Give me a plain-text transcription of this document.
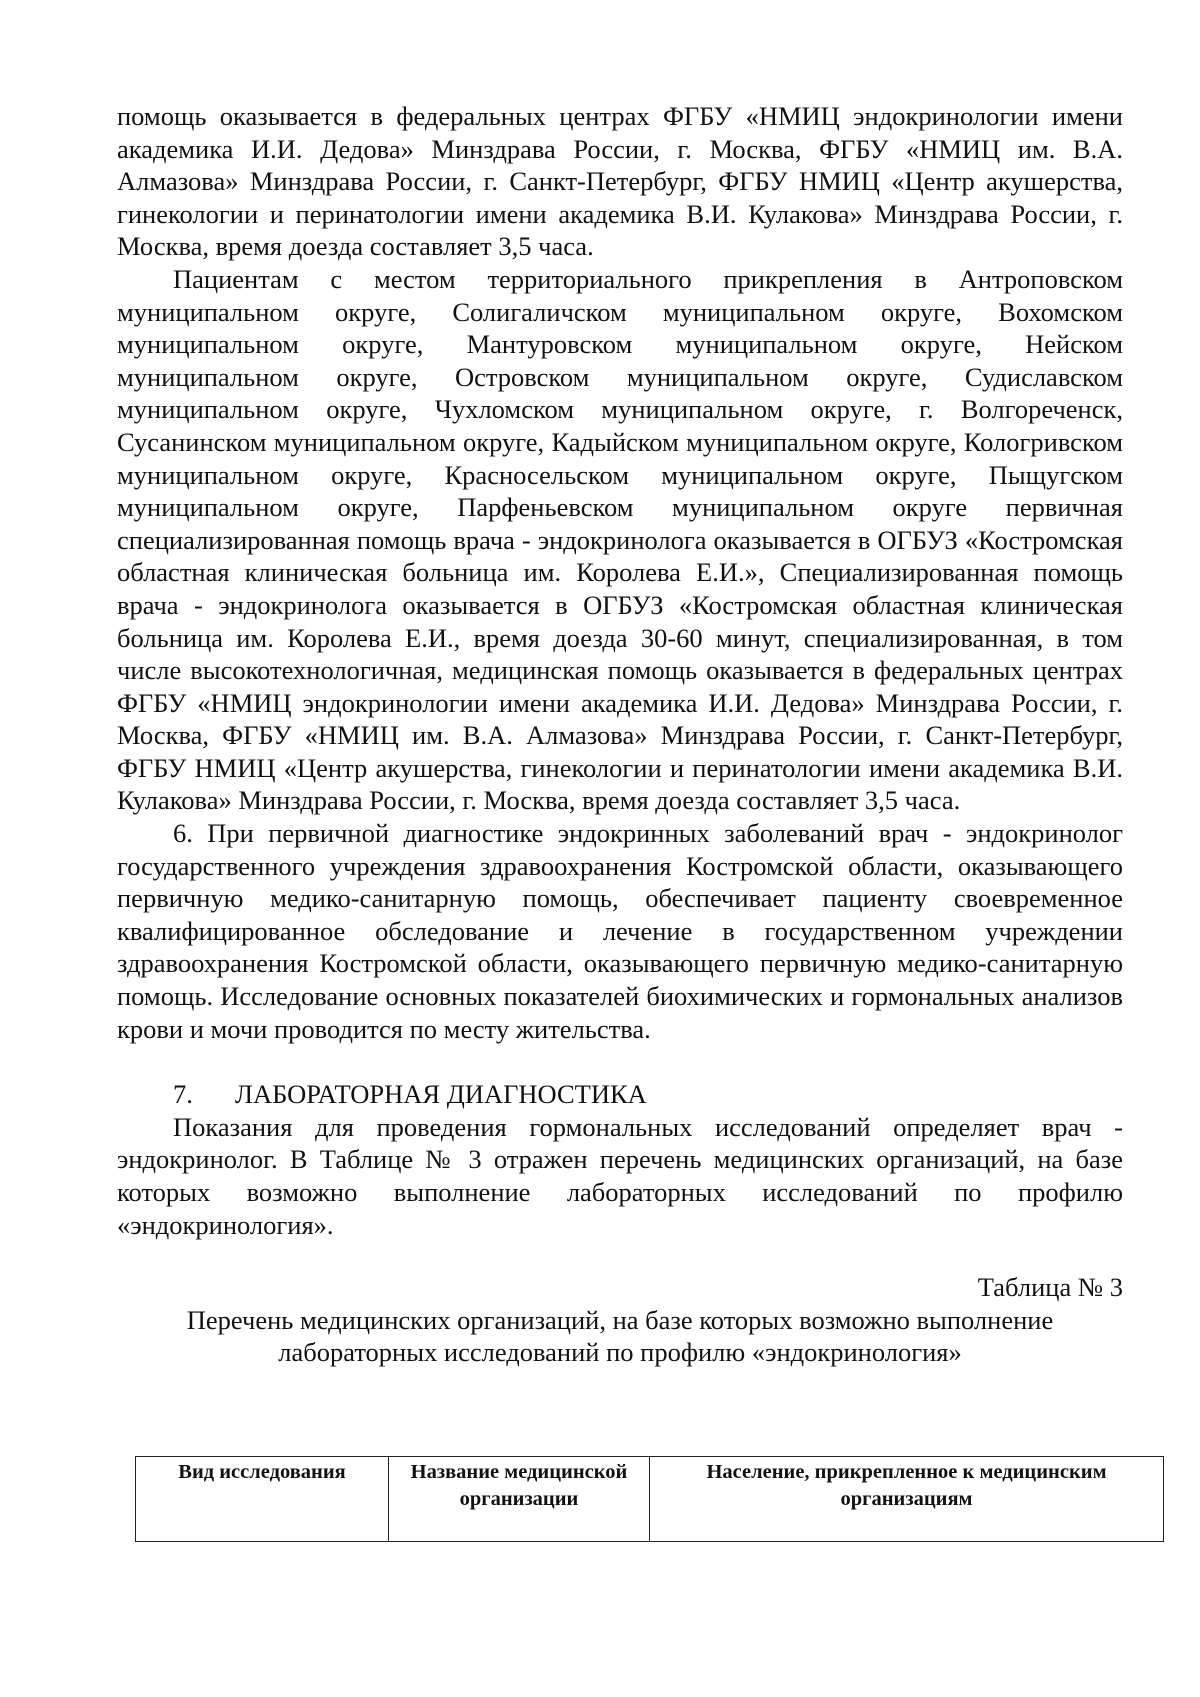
помощь оказывается в федеральных центрах ФГБУ «НМИЦ эндокринологии имени академика И.И. Дедова» Минздрава России, г. Москва, ФГБУ «НМИЦ им. В.А. Алмазова» Минздрава России, г. Санкт-Петербург, ФГБУ НМИЦ «Центр акушерства, гинекологии и перинатологии имени академика В.И. Кулакова» Минздрава России, г. Москва, время доезда составляет 3,5 часа.

Пациентам с местом территориального прикрепления в Антроповском муниципальном округе, Солигаличском муниципальном округе, Вохомском муниципальном округе, Мантуровском муниципальном округе, Нейском муниципальном округе, Островском муниципальном округе, Судиславском муниципальном округе, Чухломском муниципальном округе, г. Волгореченск, Сусанинском муниципальном округе, Кадыйском муниципальном округе, Кологривском муниципальном округе, Красносельском муниципальном округе, Пыщугском муниципальном округе, Парфеньевском муниципальном округе первичная специализированная помощь врача - эндокринолога оказывается в ОГБУЗ «Костромская областная клиническая больница им. Королева Е.И.», Специализированная помощь врача - эндокринолога оказывается в ОГБУЗ «Костромская областная клиническая больница им. Королева Е.И., время доезда 30-60 минут, специализированная, в том числе высокотехнологичная, медицинская помощь оказывается в федеральных центрах ФГБУ «НМИЦ эндокринологии имени академика И.И. Дедова» Минздрава России, г. Москва, ФГБУ «НМИЦ им. В.А. Алмазова» Минздрава России, г. Санкт-Петербург, ФГБУ НМИЦ «Центр акушерства, гинекологии и перинатологии имени академика В.И. Кулакова» Минздрава России, г. Москва, время доезда составляет 3,5 часа.

6. При первичной диагностике эндокринных заболеваний врач - эндокринолог государственного учреждения здравоохранения Костромской области, оказывающего первичную медико-санитарную помощь, обеспечивает пациенту своевременное квалифицированное обследование и лечение в государственном учреждении здравоохранения Костромской области, оказывающего первичную медико-санитарную помощь. Исследование основных показателей биохимических и гормональных анализов крови и мочи проводится по месту жительства.

7.	ЛАБОРАТОРНАЯ ДИАГНОСТИКА

Показания для проведения гормональных исследований определяет врач - эндокринолог. В Таблице № 3 отражен перечень медицинских организаций, на базе которых возможно выполнение лабораторных исследований по профилю «эндокринология».

Таблица № 3
Перечень медицинских организаций, на базе которых возможно выполнение лабораторных исследований по профилю «эндокринология»
Вид исследования	Название медицинской организации	Население, прикрепленное к медицинским организациям
